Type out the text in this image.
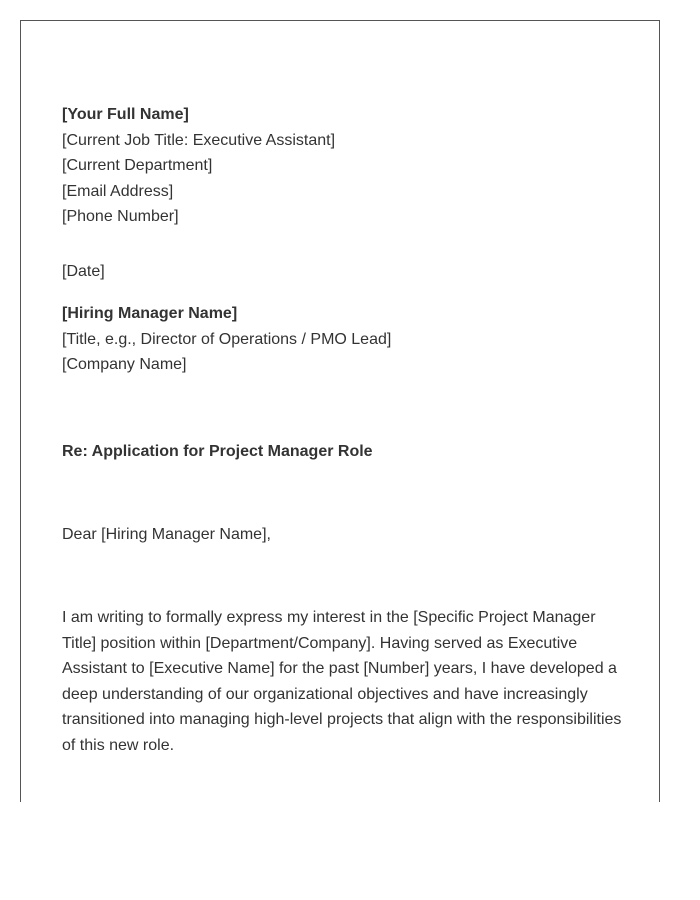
[Your Full Name]
[Current Job Title: Executive Assistant]
[Current Department]
[Email Address]
[Phone Number]
[Date]
[Hiring Manager Name]
[Title, e.g., Director of Operations / PMO Lead]
[Company Name]
Re: Application for Project Manager Role
Dear [Hiring Manager Name],

I am writing to formally express my interest in the [Specific Project Manager Title] position within [Department/Company]. Having served as Executive Assistant to [Executive Name] for the past [Number] years, I have developed a deep understanding of our organizational objectives and have increasingly transitioned into managing high-level projects that align with the responsibilities of this new role.
